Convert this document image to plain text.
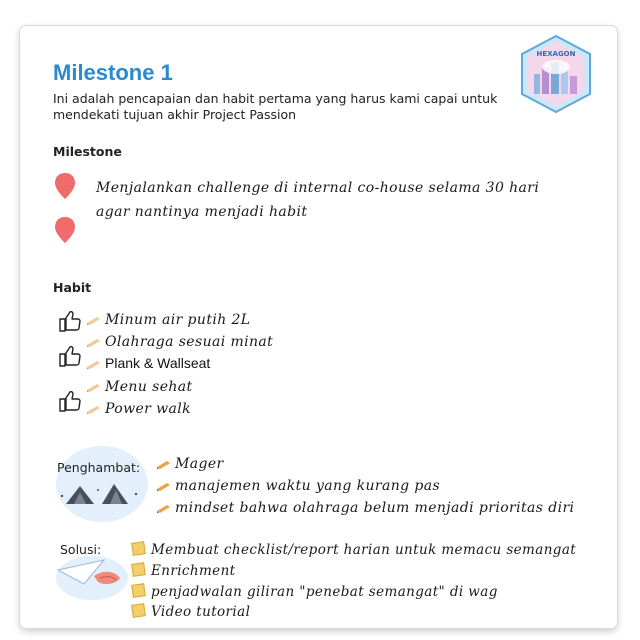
HEXAGON
Milestone 1
Ini adalah pencapaian dan habit pertama yang harus kami capai untuk mendekati tujuan akhir Project Passion
Milestone
Menjalankan challenge di internal co-house selama 30 hari
agar nantinya menjadi habit
Habit
Minum air putih 2L
Olahraga sesuai minat
Plank & Wallseat
Menu sehat
Power walk
Penghambat:	Mager
manajemen waktu yang kurang pas
mindset bahwa olahraga belum menjadi prioritas diri
Solusi:	Membuat checklist/report harian untuk memacu semangat
Enrichment
penjadwalan giliran "penebat semangat" di wag
Video tutorial
